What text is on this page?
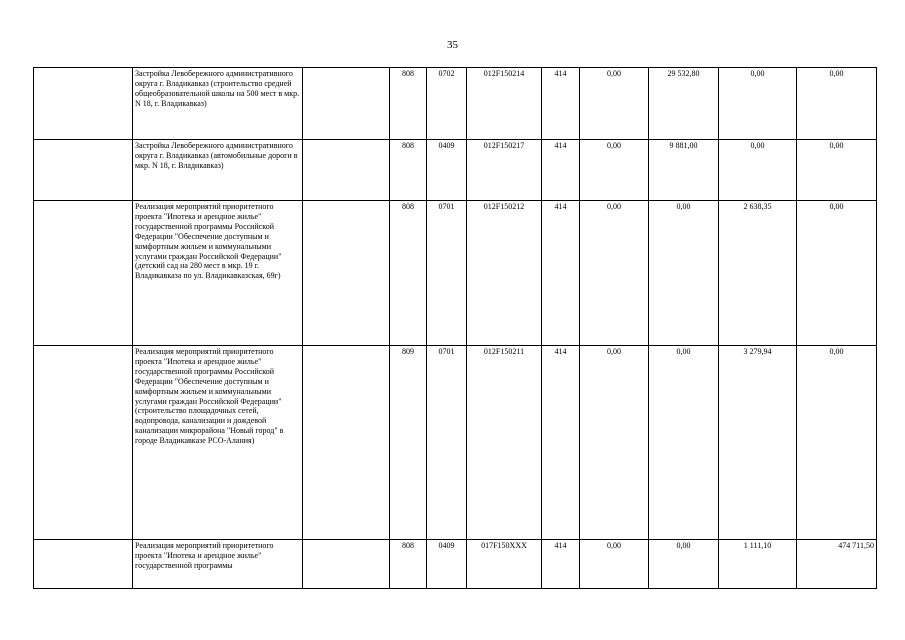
35
	Застройка Левобережного административного округа г. Владикавказ (строительство средней общеобразовательной школы на 500 мест в мкр. N 18, г. Владикавказ)		808	0702	012F150214	414	0,00	29 532,80	0,00	0,00
	Застройка Левобережного административного округа г. Владикавказ (автомобильные дороги в мкр. N 18, г. Владикавказ)		808	0409	012F150217	414	0,00	9 881,00	0,00	0,00
	Реализация мероприятий приоритетного проекта "Ипотека и арендное жилье" государственной программы Российской Федерации "Обеспечение доступным и комфортным жильем и коммунальными услугами граждан Российской Федерации" (детский сад на 280 мест в мкр. 19 г. Владикавказа по ул. Владикавказская, 69г)		808	0701	012F150212	414	0,00	0,00	2 638,35	0,00
	Реализация мероприятий приоритетного проекта "Ипотека и арендное жилье" государственной программы Российской Федерации "Обеспечение доступным и комфортным жильем и коммунальными услугами граждан Российской Федерации" (строительство площадочных сетей, водопровода, канализации и дождевой канализации микрорайона "Новый город" в городе Владикавказе РСО-Алания)		809	0701	012F150211	414	0,00	0,00	3 279,94	0,00
	Реализация мероприятий приоритетного проекта "Ипотека и арендное жилье" государственной программы		808	0409	017F150XXX	414	0,00	0,00	1 111,10	474 711,50
